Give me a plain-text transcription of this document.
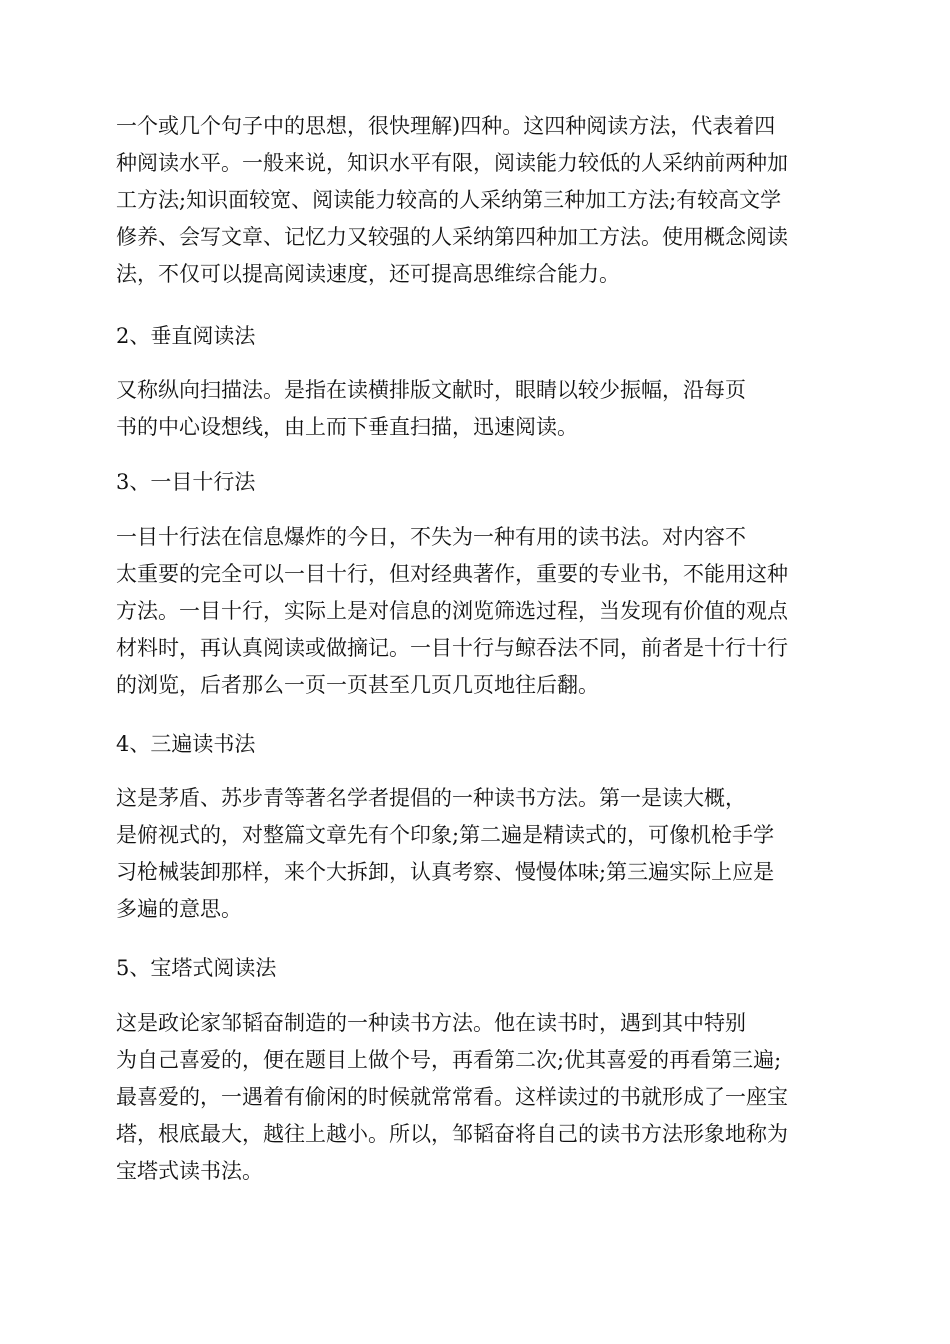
一个或几个句子中的思想，很快理解)四种。这四种阅读方法，代表着四
种阅读水平。一般来说，知识水平有限，阅读能力较低的人采纳前两种加
工方法;知识面较宽、阅读能力较高的人采纳第三种加工方法;有较高文学
修养、会写文章、记忆力又较强的人采纳第四种加工方法。使用概念阅读
法，不仅可以提高阅读速度，还可提高思维综合能力。
2、垂直阅读法
又称纵向扫描法。是指在读横排版文献时，眼睛以较少振幅，沿每页
书的中心设想线，由上而下垂直扫描，迅速阅读。
3、一目十行法
一目十行法在信息爆炸的今日，不失为一种有用的读书法。对内容不
太重要的完全可以一目十行，但对经典著作，重要的专业书，不能用这种
方法。一目十行，实际上是对信息的浏览筛选过程，当发现有价值的观点
材料时，再认真阅读或做摘记。一目十行与鲸吞法不同，前者是十行十行
的浏览，后者那么一页一页甚至几页几页地往后翻。
4、三遍读书法
这是茅盾、苏步青等著名学者提倡的一种读书方法。第一是读大概，
是俯视式的，对整篇文章先有个印象;第二遍是精读式的，可像机枪手学
习枪械装卸那样，来个大拆卸，认真考察、慢慢体味;第三遍实际上应是
多遍的意思。
5、宝塔式阅读法
这是政论家邹韬奋制造的一种读书方法。他在读书时，遇到其中特别
为自己喜爱的，便在题目上做个号，再看第二次;优其喜爱的再看第三遍;
最喜爱的，一遇着有偷闲的时候就常常看。这样读过的书就形成了一座宝
塔，根底最大，越往上越小。所以，邹韬奋将自己的读书方法形象地称为
宝塔式读书法。
